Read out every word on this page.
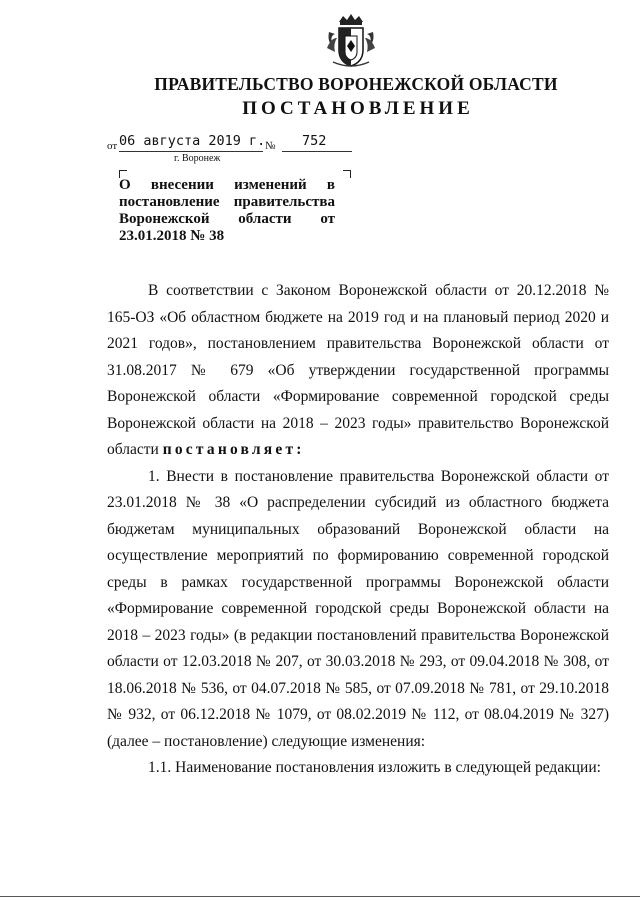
ПРАВИТЕЛЬСТВО ВОРОНЕЖСКОЙ ОБЛАСТИ
ПОСТАНОВЛЕНИЕ
от 06 августа 2019 г. №	752
г. Воронеж
О внесении изменений в
постановление правительства
Воронежской области от
23.01.2018 № 38

В соответствии с Законом Воронежской области от 20.12.2018 № 165-ОЗ «Об областном бюджете на 2019 год и на плановый период 2020 и 2021 годов», постановлением правительства Воронежской области от 31.08.2017 № 679 «Об утверждении государственной программы Воронежской области «Формирование современной городской среды Воронежской области на 2018 – 2023 годы» правительство Воронежской области постановляет:

1. Внести в постановление правительства Воронежской области от 23.01.2018 № 38 «О распределении субсидий из областного бюджета бюджетам муниципальных образований Воронежской области на осуществление мероприятий по формированию современной городской среды в рамках государственной программы Воронежской области «Формирование современной городской среды Воронежской области на 2018 – 2023 годы» (в редакции постановлений правительства Воронежской области от 12.03.2018 № 207, от 30.03.2018 № 293, от 09.04.2018 № 308, от 18.06.2018 № 536, от 04.07.2018 № 585, от 07.09.2018 № 781, от 29.10.2018 № 932, от 06.12.2018 № 1079, от 08.02.2019 № 112, от 08.04.2019 № 327) (далее – постановление) следующие изменения:

1.1. Наименование постановления изложить в следующей редакции:
